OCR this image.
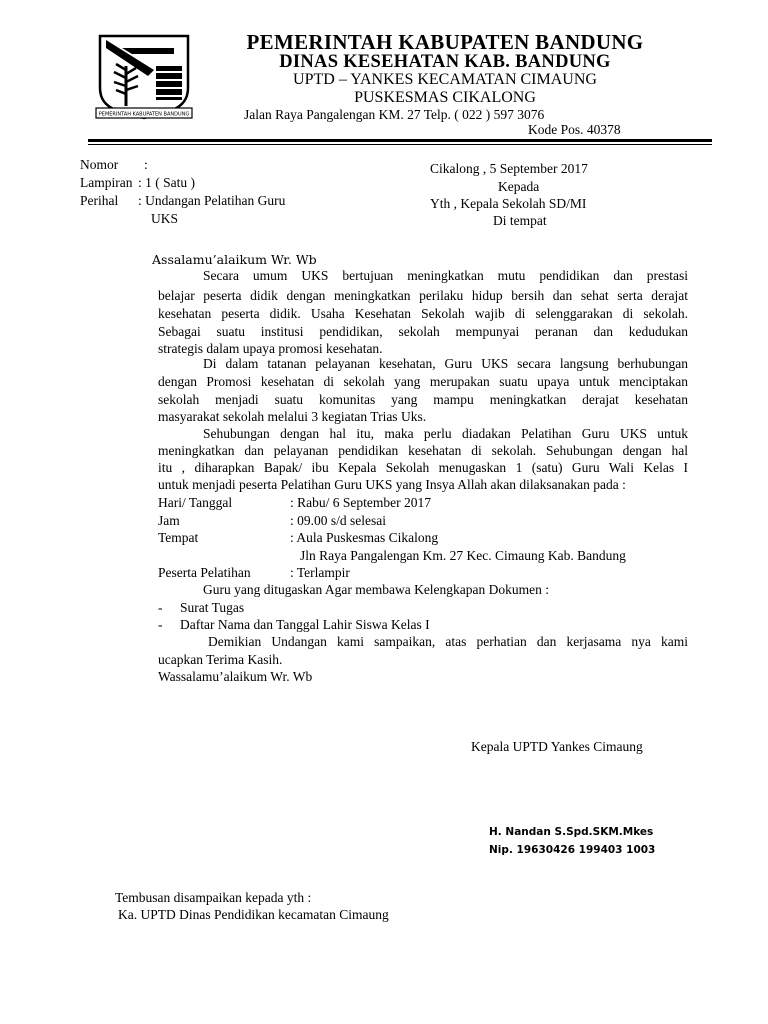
PEMERINTAH KABUPATEN BANDUNG
PEMERINTAH KABUPATEN BANDUNG
DINAS KESEHATAN KAB. BANDUNG
UPTD – YANKES KECAMATAN CIMAUNG
PUSKESMAS CIKALONG
Jalan Raya Pangalengan KM. 27 Telp. ( 022 ) 597 3076
Kode Pos. 40378
Nomor :
Lampiran : 1 ( Satu )
Perihal : Undangan Pelatihan Guru
UKS
Cikalong , 5 September 2017
Kepada
Yth , Kepala Sekolah SD/MI
Di tempat
Assalamu’alaikum Wr. Wb
Secara umum UKS bertujuan meningkatkan mutu pendidikan dan prestasi
belajar peserta didik dengan meningkatkan perilaku hidup bersih dan sehat serta derajat
kesehatan peserta didik. Usaha Kesehatan Sekolah wajib di selenggarakan di sekolah.
Sebagai suatu institusi pendidikan, sekolah mempunyai peranan dan kedudukan
strategis dalam upaya promosi kesehatan.
Di dalam tatanan pelayanan kesehatan, Guru UKS secara langsung berhubungan
dengan Promosi kesehatan di sekolah yang merupakan suatu upaya untuk menciptakan
sekolah menjadi suatu komunitas yang mampu meningkatkan derajat kesehatan
masyarakat sekolah melalui 3 kegiatan Trias Uks.
Sehubungan dengan hal itu, maka perlu diadakan Pelatihan Guru UKS untuk
meningkatkan dan pelayanan pendidikan kesehatan di sekolah. Sehubungan dengan hal
itu , diharapkan Bapak/ ibu Kepala Sekolah menugaskan 1 (satu) Guru Wali Kelas I
untuk menjadi peserta Pelatihan Guru UKS yang Insya Allah akan dilaksanakan pada :
Hari/ Tanggal	: Rabu/ 6 September 2017
Jam	: 09.00 s/d selesai
Tempat	: Aula Puskesmas Cikalong
Jln Raya Pangalengan Km. 27 Kec. Cimaung Kab. Bandung
Peserta Pelatihan	: Terlampir
Guru yang ditugaskan Agar membawa Kelengkapan Dokumen :
- Surat Tugas
- Daftar Nama dan Tanggal Lahir Siswa Kelas I
Demikian Undangan kami sampaikan, atas perhatian dan kerjasama nya kami
ucapkan Terima Kasih.
Wassalamu’alaikum Wr. Wb
Kepala UPTD Yankes Cimaung
H. Nandan S.Spd.SKM.Mkes
Nip. 19630426 199403 1003
Tembusan disampaikan kepada yth :
Ka. UPTD Dinas Pendidikan kecamatan Cimaung
